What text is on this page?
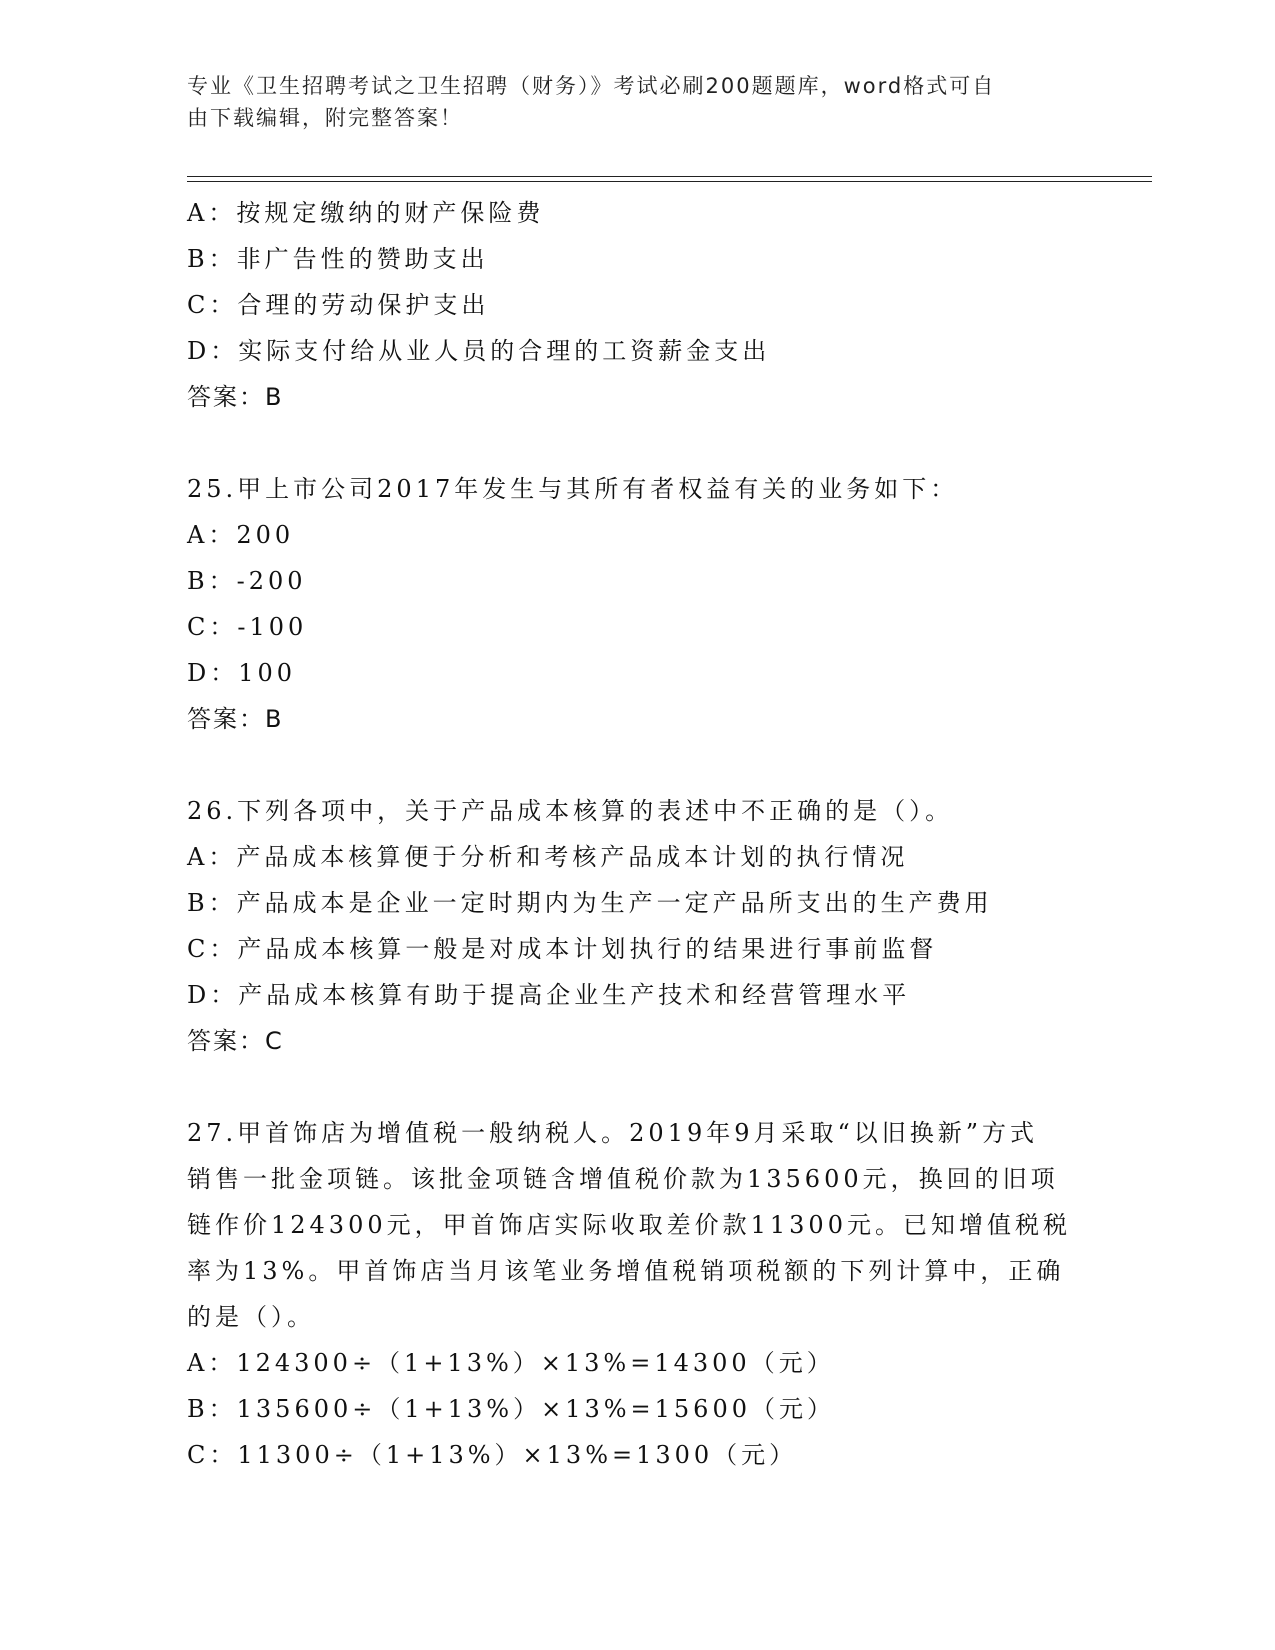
专业《卫生招聘考试之卫生招聘（财务）》考试必刷200题题库，word格式可自
由下载编辑，附完整答案！
A：按规定缴纳的财产保险费
B：非广告性的赞助支出
C：合理的劳动保护支出
D：实际支付给从业人员的合理的工资薪金支出
答案：B
25.甲上市公司2017年发生与其所有者权益有关的业务如下：
A：200
B：-200
C：-100
D：100
答案：B
26.下列各项中，关于产品成本核算的表述中不正确的是（）。
A：产品成本核算便于分析和考核产品成本计划的执行情况
B：产品成本是企业一定时期内为生产一定产品所支出的生产费用
C：产品成本核算一般是对成本计划执行的结果进行事前监督
D：产品成本核算有助于提高企业生产技术和经营管理水平
答案：C
27.甲首饰店为增值税一般纳税人。2019年9月采取“以旧换新”方式
销售一批金项链。该批金项链含增值税价款为135600元，换回的旧项
链作价124300元，甲首饰店实际收取差价款11300元。已知增值税税
率为13%。甲首饰店当月该笔业务增值税销项税额的下列计算中，正确
的是（）。
A：124300÷（1+13%）×13%=14300（元）
B：135600÷（1+13%）×13%=15600（元）
C：11300÷（1+13%）×13%=1300（元）
